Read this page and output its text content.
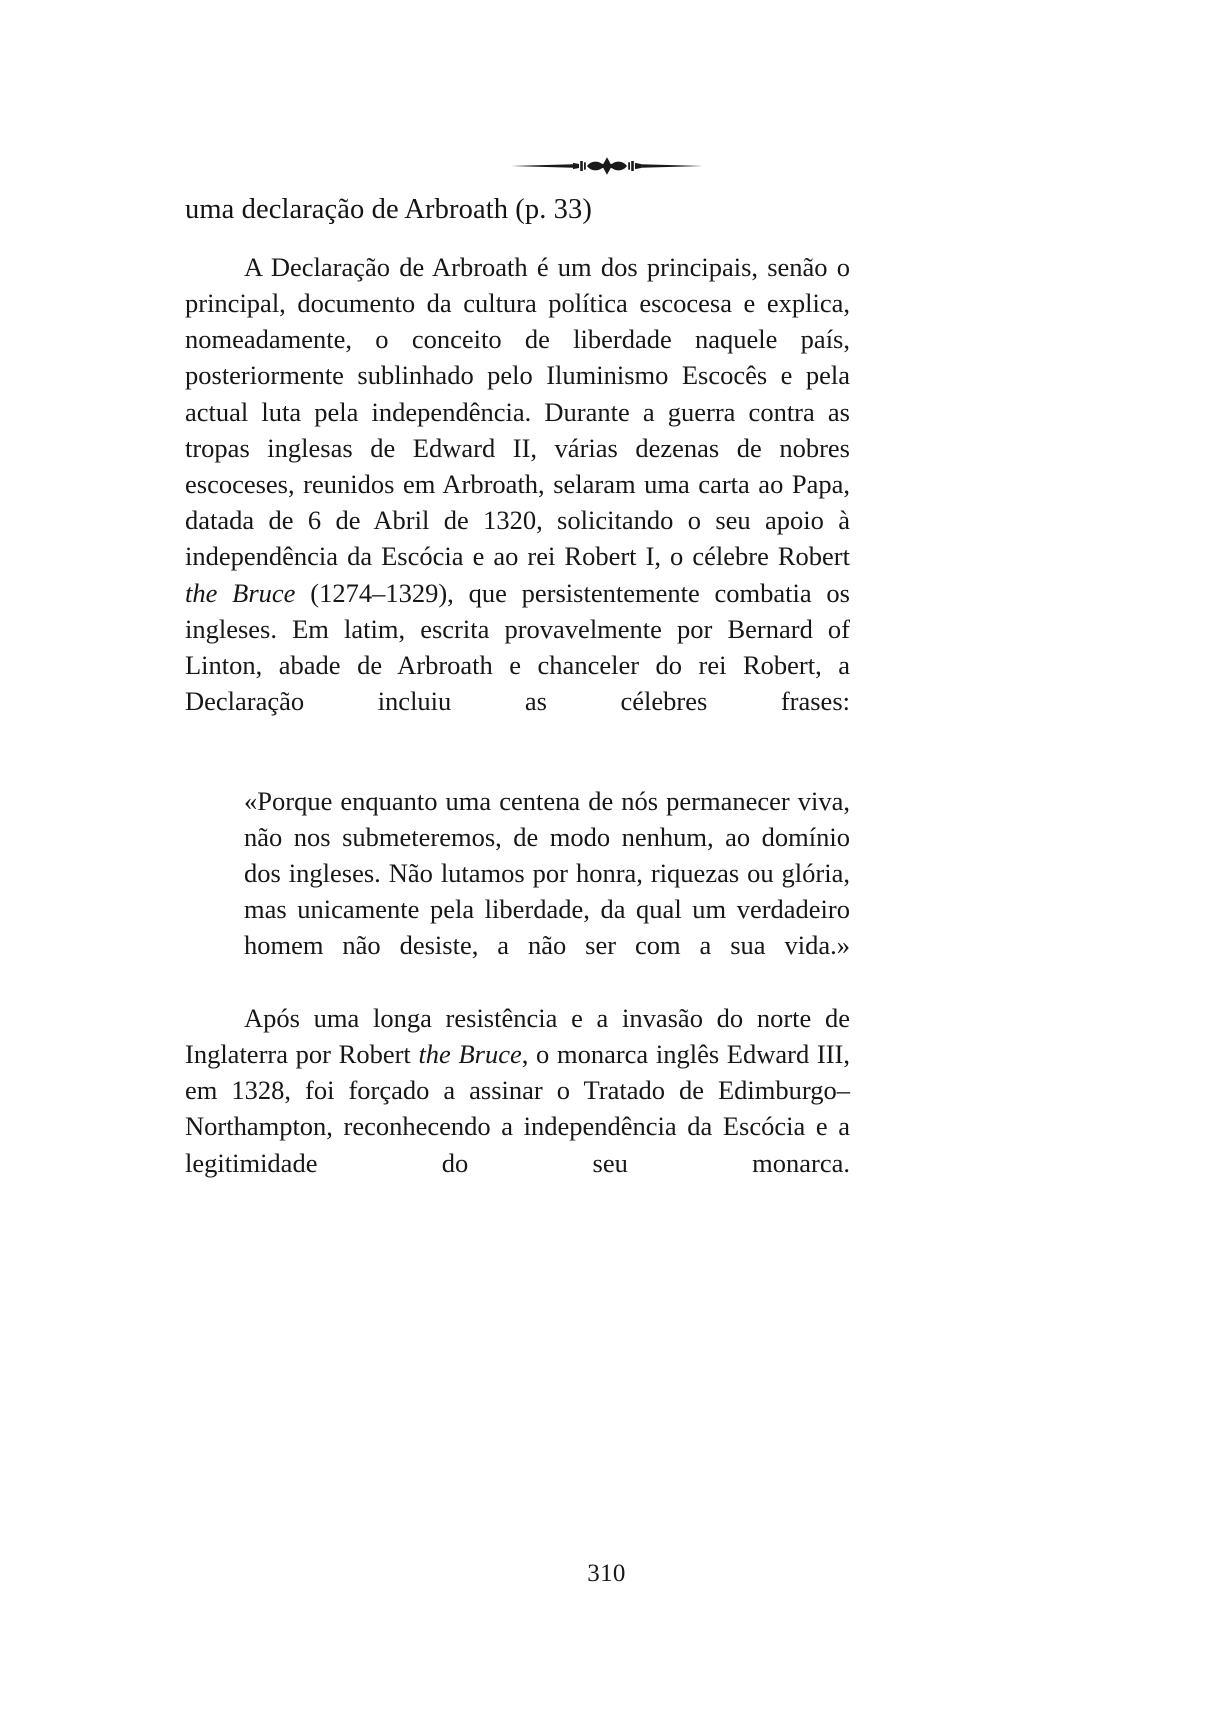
uma declaração de Arbroath (p. 33)

A Declaração de Arbroath é um dos principais, senão o principal, documento da cultura política escocesa e explica, nomeadamente, o conceito de liberdade naquele país, posteriormente sublinhado pelo Iluminismo Escocês e pela actual luta pela independência. Durante a guerra contra as tropas inglesas de Edward II, várias dezenas de nobres escoceses, reunidos em Arbroath, selaram uma carta ao Papa, datada de 6 de Abril de 1320, solicitando o seu apoio à independência da Escócia e ao rei Robert I, o célebre Robert the Bruce (1274–1329), que persistentemente combatia os ingleses. Em latim, escrita provavelmente por Bernard of Linton, abade de Arbroath e chanceler do rei Robert, a Declaração incluiu as célebres frases:

«Porque enquanto uma centena de nós permanecer viva, não nos submeteremos, de modo nenhum, ao domínio dos ingleses. Não lutamos por honra, riquezas ou glória, mas unicamente pela liberdade, da qual um verdadeiro homem não desiste, a não ser com a sua vida.»

Após uma longa resistência e a invasão do norte de Inglaterra por Robert the Bruce, o monarca inglês Edward III, em 1328, foi forçado a assinar o Tratado de Edimburgo–Northampton, reconhecendo a independência da Escócia e a legitimidade do seu monarca.

310
